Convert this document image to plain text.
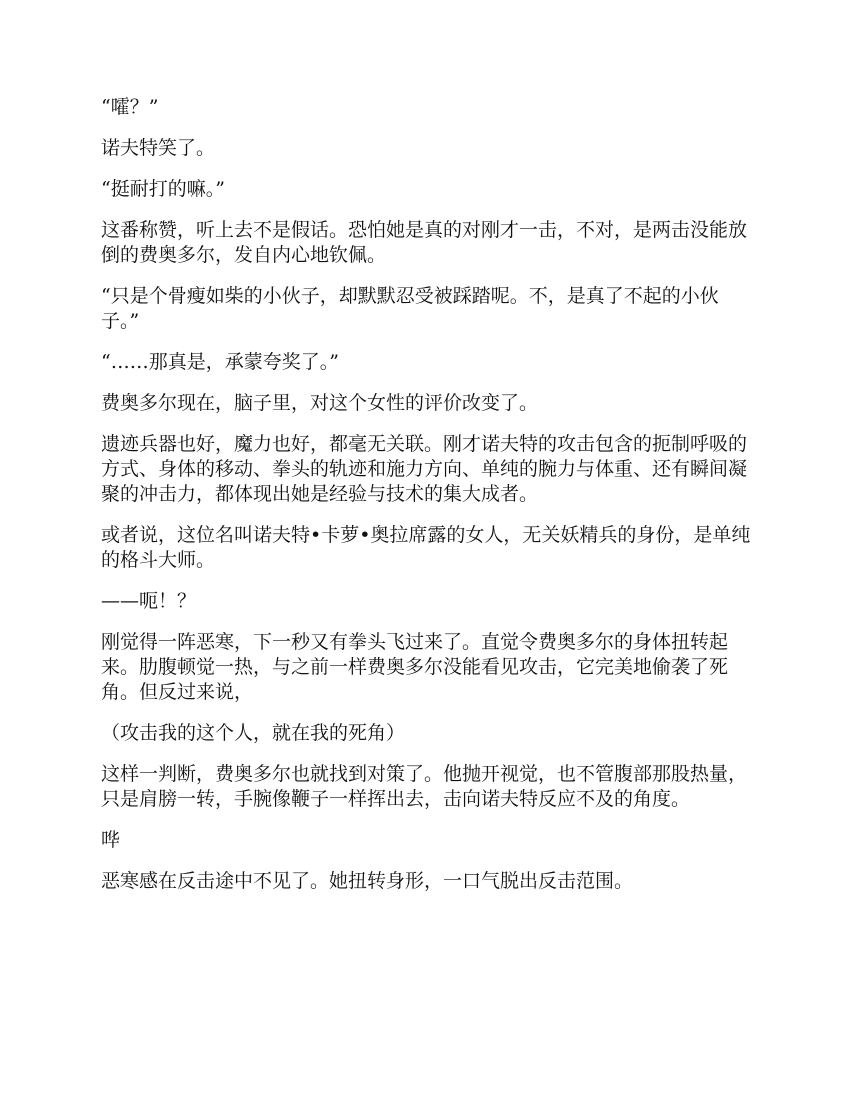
“嚯？”

诺夫特笑了。

“挺耐打的嘛。”

这番称赞，听上去不是假话。恐怕她是真的对刚才一击，不对，是两击没能放倒的费奥多尔，发自内心地钦佩。

“只是个骨瘦如柴的小伙子，却默默忍受被踩踏呢。不，是真了不起的小伙子。”

“……那真是，承蒙夸奖了。”

费奥多尔现在，脑子里，对这个女性的评价改变了。

遗迹兵器也好，魔力也好，都毫无关联。刚才诺夫特的攻击包含的扼制呼吸的方式、身体的移动、拳头的轨迹和施力方向、单纯的腕力与体重、还有瞬间凝聚的冲击力，都体现出她是经验与技术的集大成者。

或者说，这位名叫诺夫特•卡萝•奥拉席露的女人，无关妖精兵的身份，是单纯的格斗大师。

——呃！？

刚觉得一阵恶寒，下一秒又有拳头飞过来了。直觉令费奥多尔的身体扭转起来。肋腹顿觉一热，与之前一样费奥多尔没能看见攻击，它完美地偷袭了死角。但反过来说，

（攻击我的这个人，就在我的死角）

这样一判断，费奥多尔也就找到对策了。他抛开视觉，也不管腹部那股热量，只是肩膀一转，手腕像鞭子一样挥出去，击向诺夫特反应不及的角度。

哗

恶寒感在反击途中不见了。她扭转身形，一口气脱出反击范围。
